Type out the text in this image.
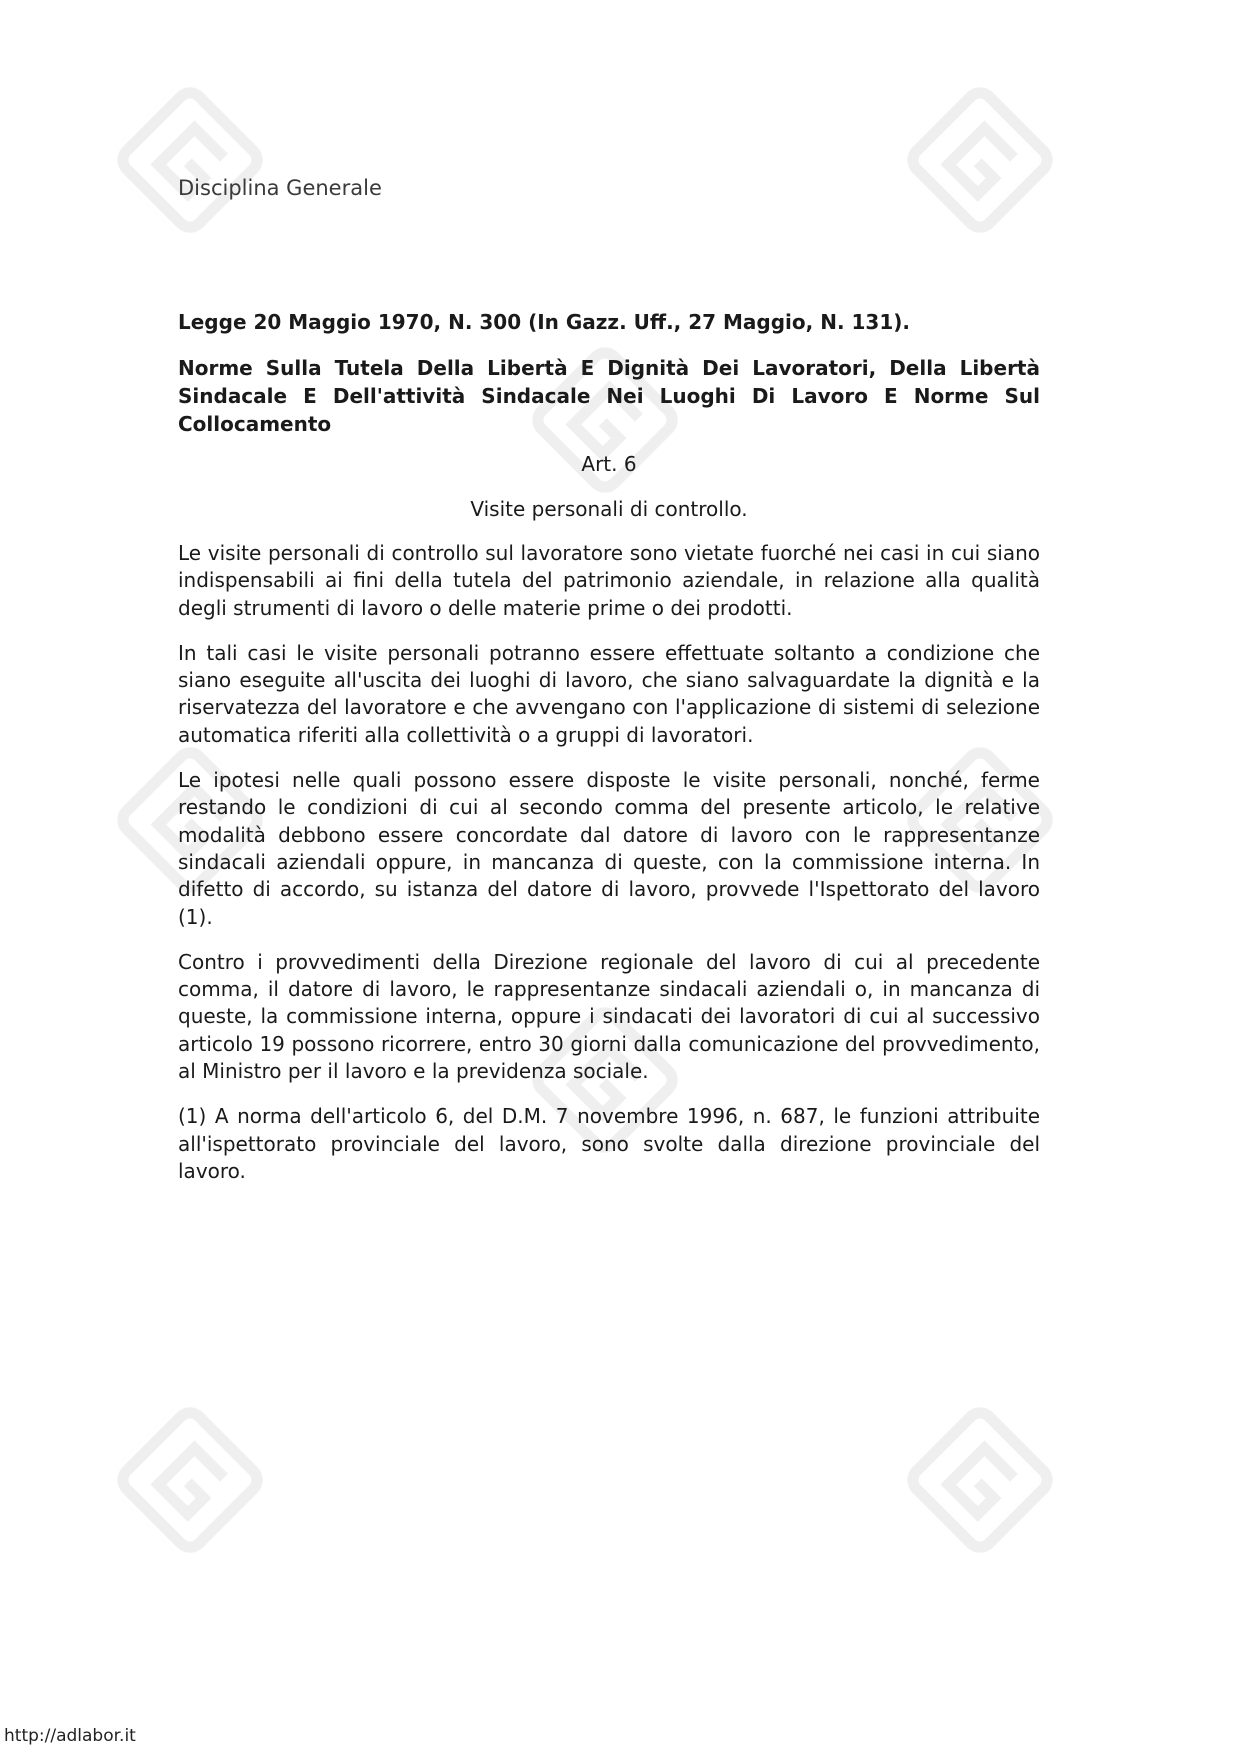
Disciplina Generale
Legge 20 Maggio 1970, N. 300 (In Gazz. Uff., 27 Maggio, N. 131).
Norme Sulla Tutela Della Libertà E Dignità Dei Lavoratori, Della Libertà Sindacale E Dell'attività Sindacale Nei Luoghi Di Lavoro E Norme Sul Collocamento
Art. 6
Visite personali di controllo.

Le visite personali di controllo sul lavoratore sono vietate fuorché nei casi in cui siano indispensabili ai fini della tutela del patrimonio aziendale, in relazione alla qualità degli strumenti di lavoro o delle materie prime o dei prodotti.

In tali casi le visite personali potranno essere effettuate soltanto a condizione che siano eseguite all'uscita dei luoghi di lavoro, che siano salvaguardate la dignità e la riservatezza del lavoratore e che avvengano con l'applicazione di sistemi di selezione automatica riferiti alla collettività o a gruppi di lavoratori.

Le ipotesi nelle quali possono essere disposte le visite personali, nonché, ferme restando le condizioni di cui al secondo comma del presente articolo, le relative modalità debbono essere concordate dal datore di lavoro con le rappresentanze sindacali aziendali oppure, in mancanza di queste, con la commissione interna. In difetto di accordo, su istanza del datore di lavoro, provvede l'Ispettorato del lavoro (1).

Contro i provvedimenti della Direzione regionale del lavoro di cui al precedente comma, il datore di lavoro, le rappresentanze sindacali aziendali o, in mancanza di queste, la commissione interna, oppure i sindacati dei lavoratori di cui al successivo articolo 19 possono ricorrere, entro 30 giorni dalla comunicazione del provvedimento, al Ministro per il lavoro e la previdenza sociale.

(1) A norma dell'articolo 6, del D.M. 7 novembre 1996, n. 687, le funzioni attribuite all'ispettorato provinciale del lavoro, sono svolte dalla direzione provinciale del lavoro.

http://adlabor.it
